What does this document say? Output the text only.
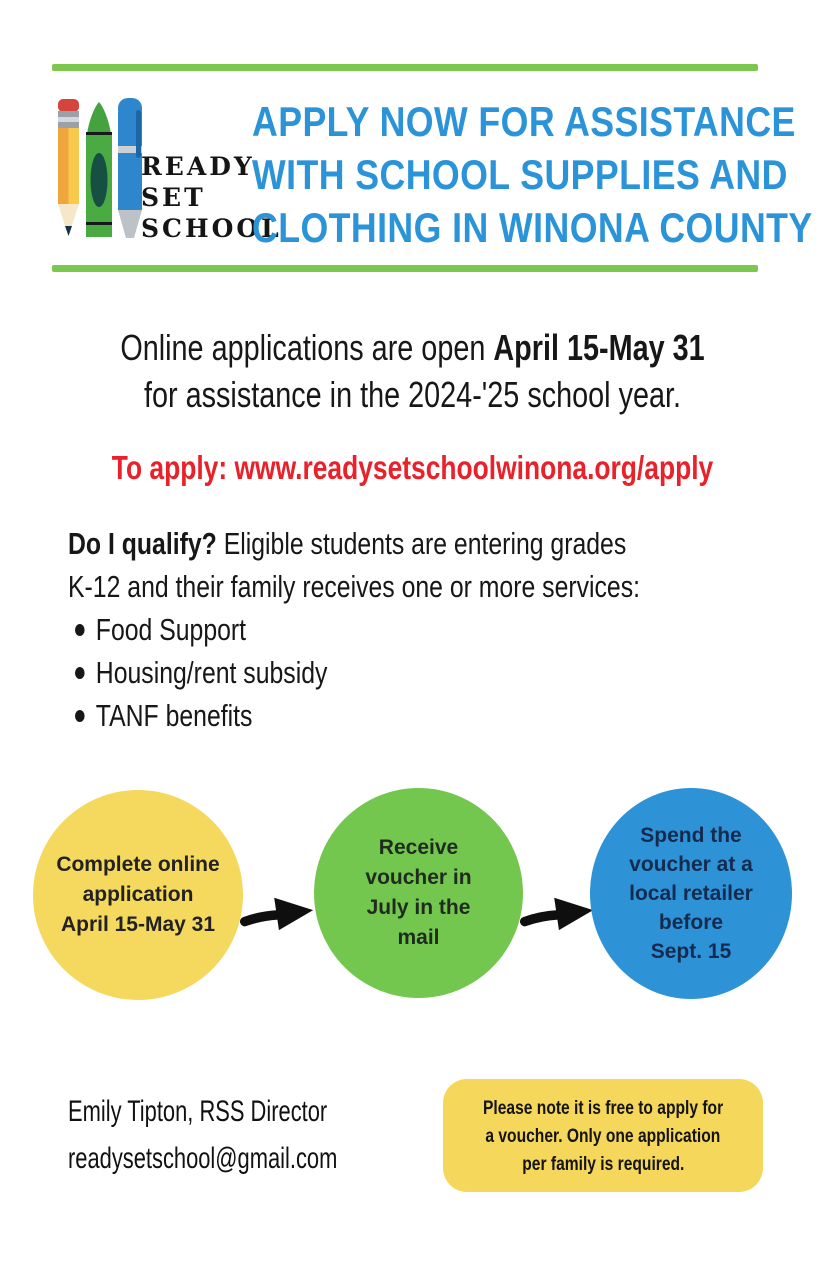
READY
SET
SCHOOL
APPLY NOW FOR ASSISTANCE
WITH SCHOOL SUPPLIES AND
CLOTHING IN WINONA COUNTY
Online applications are open April 15-May 31
for assistance in the 2024-'25 school year.
To apply: www.readysetschoolwinona.org/apply
Do I qualify? Eligible students are entering grades
K-12 and their family receives one or more services:
Food Support
Housing/rent subsidy
TANF benefits
Complete online
application
April 15-May 31
Receive
voucher in
July in the
mail
Spend the
voucher at a
local retailer
before
Sept. 15
Emily Tipton, RSS Director
readysetschool@gmail.com
Please note it is free to apply for
a voucher. Only one application
per family is required.
